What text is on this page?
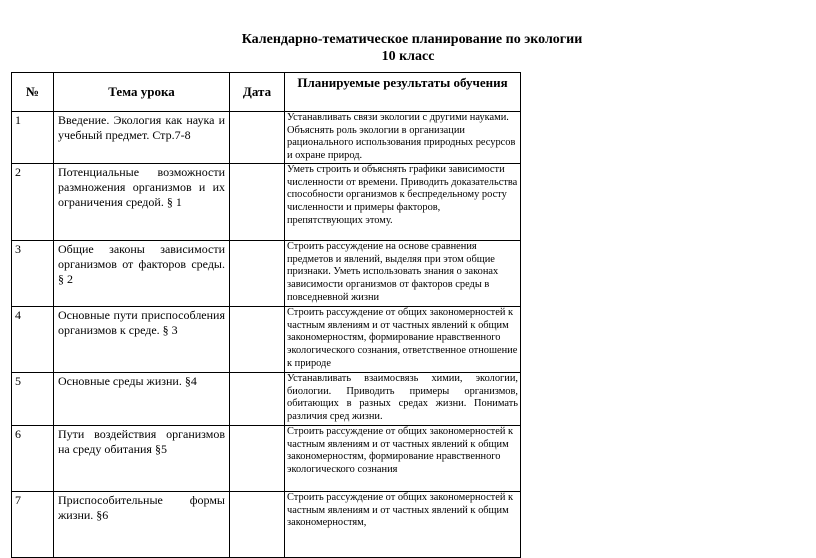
Календарно-тематическое планирование по экологии
10 класс
№	Тема урока	Дата	Планируемые результаты обучения
1	Введение. Экология как наука и учебный предмет. Стр.7-8		Устанавливать связи экологии с другими науками. Объяснять роль экологии в организации рационального использования природных ресурсов и охране природ.
2	Потенциальные возможности размножения организмов и их ограничения средой. § 1		Уметь строить и объяснять графики зависимости численности от времени. Приводить доказательства способности организмов к беспредельному росту численности и примеры факторов, препятствующих этому.
3	Общие законы зависимости организмов от факторов среды. § 2		Строить рассуждение на основе сравнения предметов и явлений, выделяя при этом общие признаки. Уметь использовать знания о законах зависимости организмов от факторов среды в повседневной жизни
4	Основные пути приспособления организмов к среде. § 3		Строить рассуждение от общих закономерностей к частным явлениям и от частных явлений к общим закономерностям, формирование нравственного экологического сознания, ответственное отношение к природе
5	Основные среды жизни. §4		Устанавливать взаимосвязь химии, экологии, биологии. Приводить примеры организмов, обитающих в разных средах жизни. Понимать различия сред жизни.
6	Пути воздействия организмов на среду обитания §5		Строить рассуждение от общих закономерностей к частным явлениям и от частных явлений к общим закономерностям, формирование нравственного экологического сознания
7	Приспособительные формы жизни. §6		Строить рассуждение от общих закономерностей к частным явлениям и от частных явлений к общим закономерностям,
